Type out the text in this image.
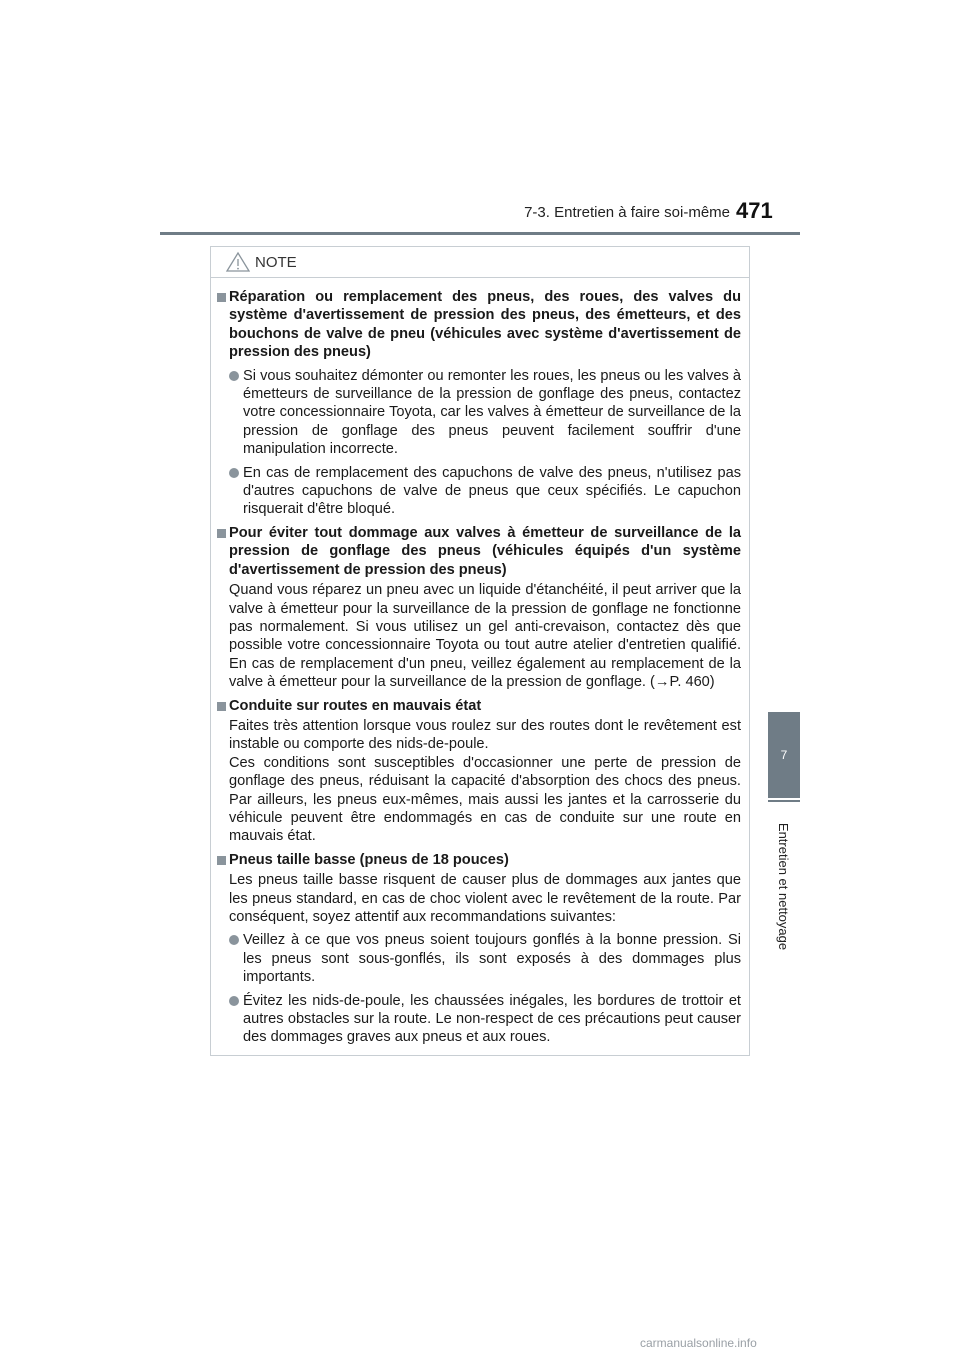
7-3. Entretien à faire soi-même 471
7
Entretien et nettoyage
NOTE
Réparation ou remplacement des pneus, des roues, des valves du système d'avertissement de pression des pneus, des émetteurs, et des bouchons de valve de pneu (véhicules avec système d'avertissement de pression des pneus)
Si vous souhaitez démonter ou remonter les roues, les pneus ou les valves à émetteurs de surveillance de la pression de gonflage des pneus, contactez votre concessionnaire Toyota, car les valves à émetteur de surveillance de la pression de gonflage des pneus peuvent facilement souffrir d'une manipulation incorrecte.
En cas de remplacement des capuchons de valve des pneus, n'utilisez pas d'autres capuchons de valve de pneus que ceux spécifiés. Le capuchon risquerait d'être bloqué.
Pour éviter tout dommage aux valves à émetteur de surveillance de la pression de gonflage des pneus (véhicules équipés d'un système d'avertissement de pression des pneus)
Quand vous réparez un pneu avec un liquide d'étanchéité, il peut arriver que la valve à émetteur pour la surveillance de la pression de gonflage ne fonctionne pas normalement. Si vous utilisez un gel anti-crevaison, contactez dès que possible votre concessionnaire Toyota ou tout autre atelier d'entretien qualifié. En cas de remplacement d'un pneu, veillez également au remplacement de la valve à émetteur pour la surveillance de la pression de gonflage. (→P. 460)
Conduite sur routes en mauvais état
Faites très attention lorsque vous roulez sur des routes dont le revêtement est instable ou comporte des nids-de-poule.
Ces conditions sont susceptibles d'occasionner une perte de pression de gonflage des pneus, réduisant la capacité d'absorption des chocs des pneus. Par ailleurs, les pneus eux-mêmes, mais aussi les jantes et la carrosserie du véhicule peuvent être endommagés en cas de conduite sur une route en mauvais état.
Pneus taille basse (pneus de 18 pouces)
Les pneus taille basse risquent de causer plus de dommages aux jantes que les pneus standard, en cas de choc violent avec le revêtement de la route. Par conséquent, soyez attentif aux recommandations suivantes:
Veillez à ce que vos pneus soient toujours gonflés à la bonne pression. Si les pneus sont sous-gonflés, ils sont exposés à des dommages plus importants.
Évitez les nids-de-poule, les chaussées inégales, les bordures de trottoir et autres obstacles sur la route. Le non-respect de ces précautions peut causer des dommages graves aux pneus et aux roues.
carmanualsonline.info
